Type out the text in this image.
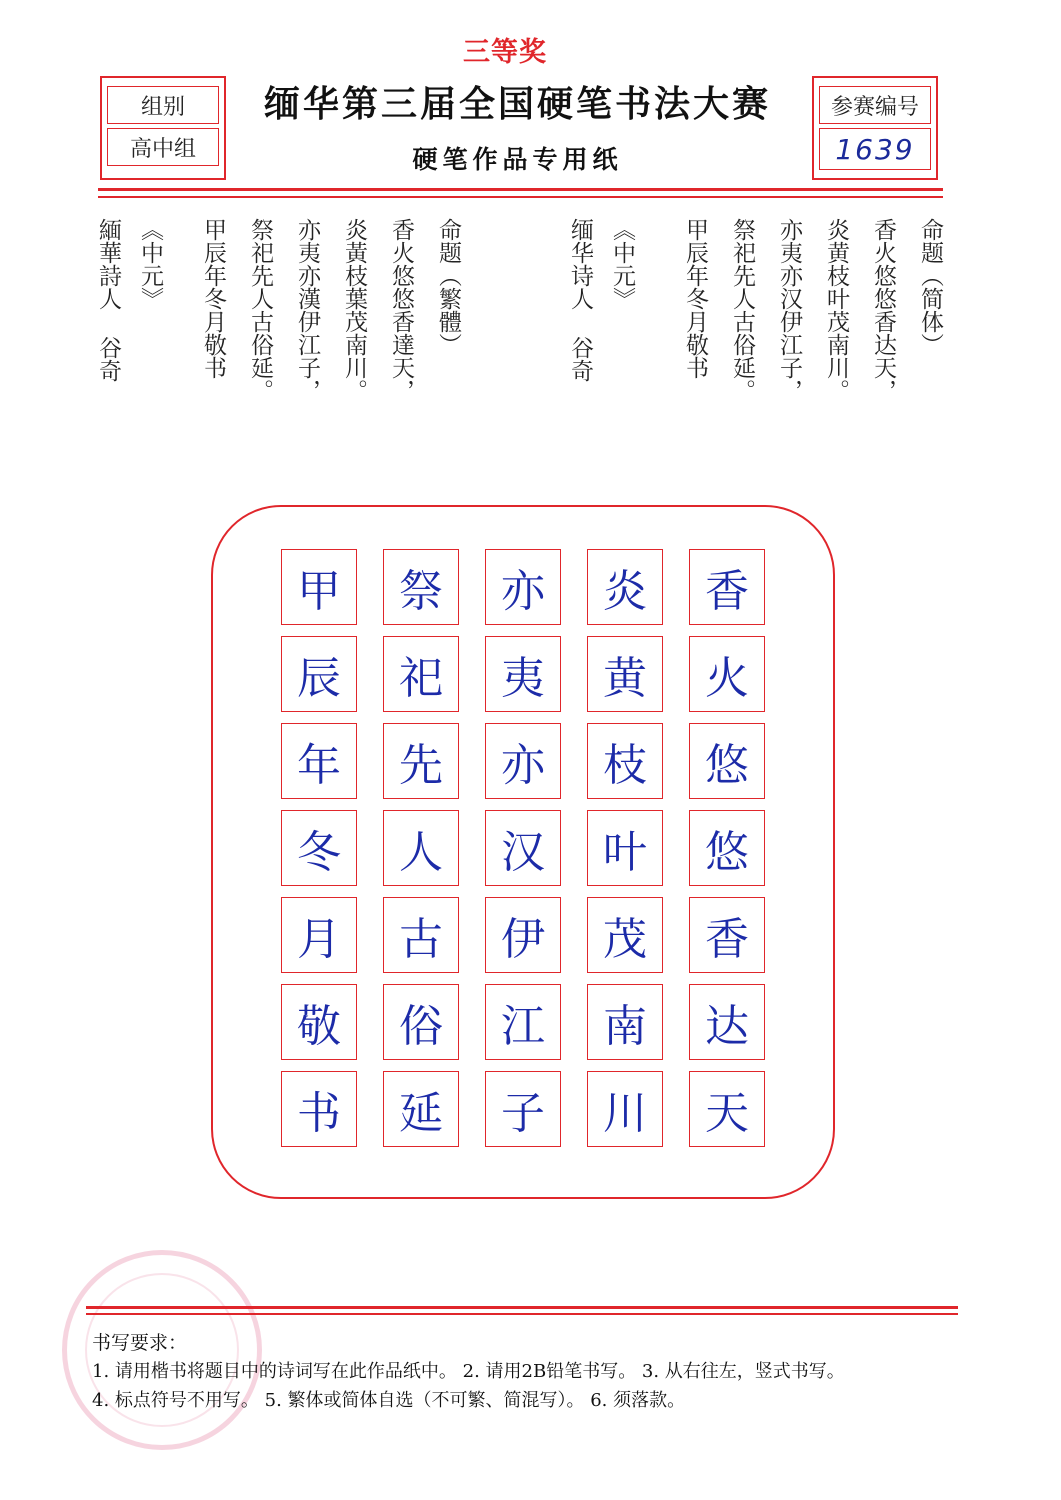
三等奖
组别
高中组
缅华第三届全国硬笔书法大赛
硬笔作品专用纸
参赛编号
1639
命题（简体）
香火悠悠香达天，
炎黄枝叶茂南川。
亦夷亦汉伊江子，
祭祀先人古俗延。
甲辰年冬月敬书
《中元》
缅华诗人 谷奇
命题（繁體）
香火悠悠香達天，
炎黃枝葉茂南川。
亦夷亦漢伊江子，
祭祀先人古俗延。
甲辰年冬月敬书
《中元》
緬華詩人 谷奇
香
火
悠
悠
香
达
天
炎
黄
枝
叶
茂
南
川
亦
夷
亦
汉
伊
江
子
祭
祀
先
人
古
俗
延
甲
辰
年
冬
月
敬
书
书写要求：
1. 请用楷书将题目中的诗词写在此作品纸中。 2. 请用2B铅笔书写。 3. 从右往左，竖式书写。
4. 标点符号不用写。 5. 繁体或简体自选（不可繁、简混写）。 6. 须落款。
